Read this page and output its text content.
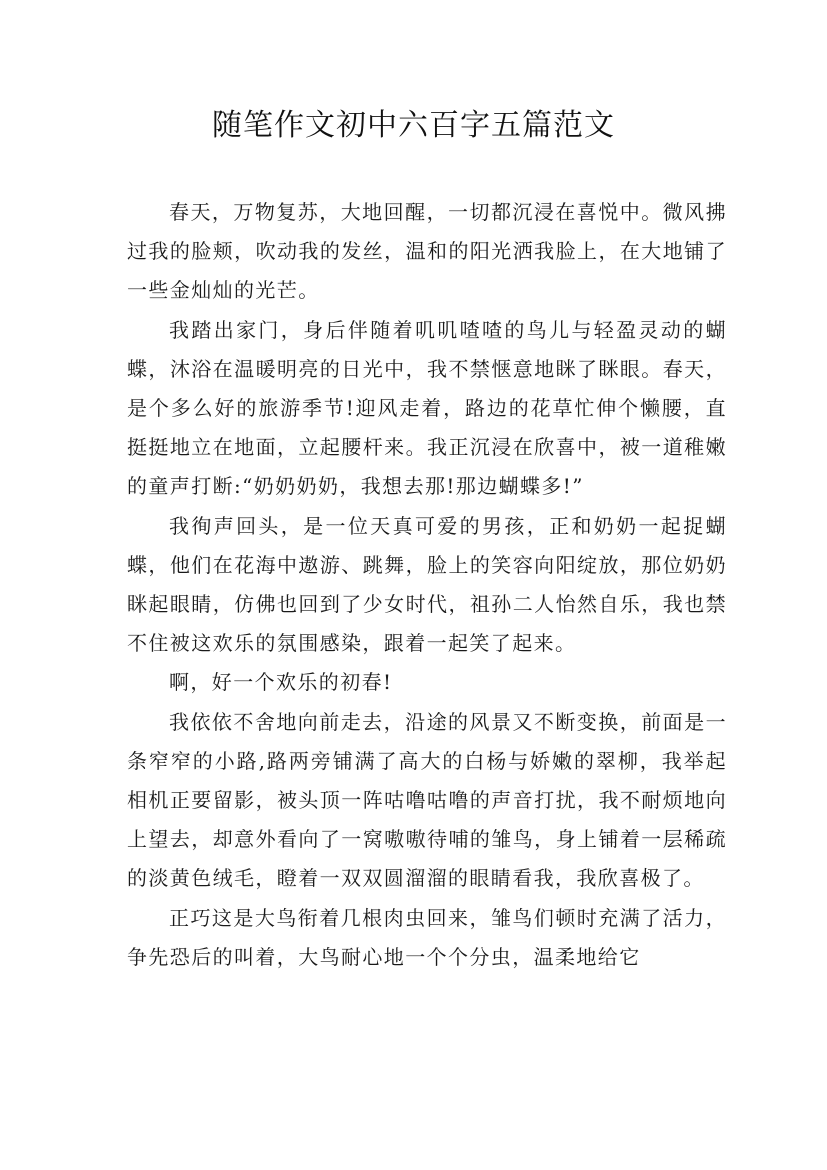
随笔作文初中六百字五篇范文

春天，万物复苏，大地回醒，一切都沉浸在喜悦中。微风拂过我的脸颊，吹动我的发丝，温和的阳光洒我脸上，在大地铺了一些金灿灿的光芒。

我踏出家门，身后伴随着叽叽喳喳的鸟儿与轻盈灵动的蝴蝶，沐浴在温暖明亮的日光中，我不禁惬意地眯了眯眼。春天，是个多么好的旅游季节!迎风走着，路边的花草忙伸个懒腰，直挺挺地立在地面，立起腰杆来。我正沉浸在欣喜中，被一道稚嫩的童声打断:“奶奶奶奶，我想去那!那边蝴蝶多!”

我徇声回头，是一位天真可爱的男孩，正和奶奶一起捉蝴蝶，他们在花海中遨游、跳舞，脸上的笑容向阳绽放，那位奶奶眯起眼睛，仿佛也回到了少女时代，祖孙二人怡然自乐，我也禁不住被这欢乐的氛围感染，跟着一起笑了起来。

啊，好一个欢乐的初春!

我依依不舍地向前走去，沿途的风景又不断变换，前面是一条窄窄的小路,路两旁铺满了高大的白杨与娇嫩的翠柳，我举起相机正要留影，被头顶一阵咕噜咕噜的声音打扰，我不耐烦地向上望去，却意外看向了一窝嗷嗷待哺的雏鸟，身上铺着一层稀疏的淡黄色绒毛，瞪着一双双圆溜溜的眼睛看我，我欣喜极了。

正巧这是大鸟衔着几根肉虫回来，雏鸟们顿时充满了活力，争先恐后的叫着，大鸟耐心地一个个分虫，温柔地给它
